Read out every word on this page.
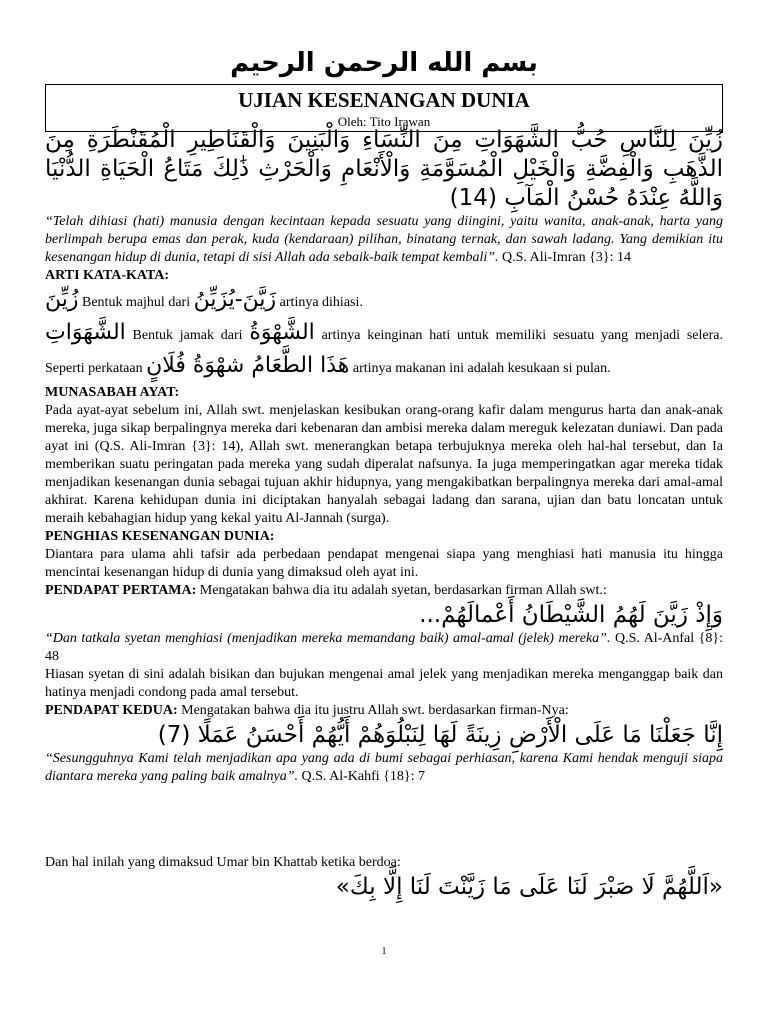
بسم الله الرحمن الرحيم
UJIAN KESENANGAN DUNIA
Oleh: Tito Irawan

زُيِّنَ لِلنَّاسِ حُبُّ الشَّهَوَاتِ مِنَ النِّسَاءِ وَالْبَنِينَ وَالْقَنَاطِيرِ الْمُقَنْطَرَةِ مِنَ الذَّهَبِ وَالْفِضَّةِ وَالْخَيْلِ الْمُسَوَّمَةِ وَالْأَنْعَامِ وَالْحَرْثِ ذَٰلِكَ مَتَاعُ الْحَيَاةِ الدُّنْيَا وَاللَّهُ عِنْدَهُ حُسْنُ الْمَآبِ (14)

“Telah dihiasi (hati) manusia dengan kecintaan kepada sesuatu yang diingini, yaitu wanita, anak-anak, harta yang berlimpah berupa emas dan perak, kuda (kendaraan) pilihan, binatang ternak, dan sawah ladang. Yang demikian itu kesenangan hidup di dunia, tetapi di sisi Allah ada sebaik-baik tempat kembali”. Q.S. Ali-Imran {3}: 14

ARTI KATA-KATA:

زُيِّنَ Bentuk majhul dari زَيَّنَ-يُزَيِّنُ artinya dihiasi.

الشَّهَوَاتِ Bentuk jamak dari الشَّهْوَةُ artinya keinginan hati untuk memiliki sesuatu yang menjadi selera. Seperti perkataan هَذَا الطَّعَامُ شهْوَةُ فُلَانٍ artinya makanan ini adalah kesukaan si pulan.

MUNASABAH AYAT:

Pada ayat-ayat sebelum ini, Allah swt. menjelaskan kesibukan orang-orang kafir dalam mengurus harta dan anak-anak mereka, juga sikap berpalingnya mereka dari kebenaran dan ambisi mereka dalam mereguk kelezatan duniawi. Dan pada ayat ini (Q.S. Ali-Imran {3}: 14), Allah swt. menerangkan betapa terbujuknya mereka oleh hal-hal tersebut, dan Ia memberikan suatu peringatan pada mereka yang sudah diperalat nafsunya. Ia juga memperingatkan agar mereka tidak menjadikan kesenangan dunia sebagai tujuan akhir hidupnya, yang mengakibatkan berpalingnya mereka dari amal-amal akhirat. Karena kehidupan dunia ini diciptakan hanyalah sebagai ladang dan sarana, ujian dan batu loncatan untuk meraih kebahagian hidup yang kekal yaitu Al-Jannah (surga).

PENGHIAS KESENANGAN DUNIA:

Diantara para ulama ahli tafsir ada perbedaan pendapat mengenai siapa yang menghiasi hati manusia itu hingga mencintai kesenangan hidup di dunia yang dimaksud oleh ayat ini.

PENDAPAT PERTAMA: Mengatakan bahwa dia itu adalah syetan, berdasarkan firman Allah swt.:

وَإِذْ زَيَّنَ لَهُمُ الشَّيْطَانُ أَعْمالَهُمْ...

“Dan tatkala syetan menghiasi (menjadikan mereka memandang baik) amal-amal (jelek) mereka”. Q.S. Al-Anfal {8}: 48

Hiasan syetan di sini adalah bisikan dan bujukan mengenai amal jelek yang menjadikan mereka menganggap baik dan hatinya menjadi condong pada amal tersebut.

PENDAPAT KEDUA: Mengatakan bahwa dia itu justru Allah swt. berdasarkan firman-Nya:

إِنَّا جَعَلْنَا مَا عَلَى الْأَرْضِ زِينَةً لَهَا لِنَبْلُوَهُمْ أَيُّهُمْ أَحْسَنُ عَمَلًا (7)

“Sesungguhnya Kami telah menjadikan apa yang ada di bumi sebagai perhiasan, karena Kami hendak menguji siapa diantara mereka yang paling baik amalnya”. Q.S. Al-Kahfi {18}: 7

Dan hal inilah yang dimaksud Umar bin Khattab ketika berdoa:

«اَللَّهُمَّ لَا صَبْرَ لَنَا عَلَى مَا زَيَّنْتَ لَنَا إِلَّا بِكَ»

1
